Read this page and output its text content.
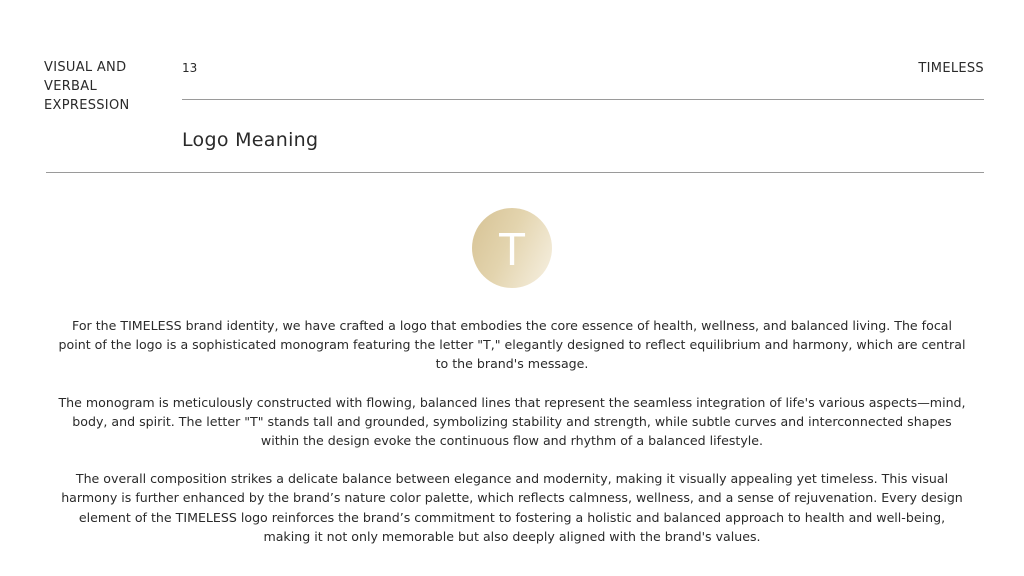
VISUAL AND VERBAL EXPRESSION
13	TIMELESS
Logo Meaning
T

For the TIMELESS brand identity, we have crafted a logo that embodies the core essence of health, wellness, and balanced living. The focal point of the logo is a sophisticated monogram featuring the letter "T," elegantly designed to reflect equilibrium and harmony, which are central to the brand's message.

The monogram is meticulously constructed with flowing, balanced lines that represent the seamless integration of life's various aspects—mind, body, and spirit. The letter "T" stands tall and grounded, symbolizing stability and strength, while subtle curves and interconnected shapes within the design evoke the continuous flow and rhythm of a balanced lifestyle.

The overall composition strikes a delicate balance between elegance and modernity, making it visually appealing yet timeless. This visual harmony is further enhanced by the brand’s nature color palette, which reflects calmness, wellness, and a sense of rejuvenation. Every design element of the TIMELESS logo reinforces the brand’s commitment to fostering a holistic and balanced approach to health and well-being, making it not only memorable but also deeply aligned with the brand's values.
